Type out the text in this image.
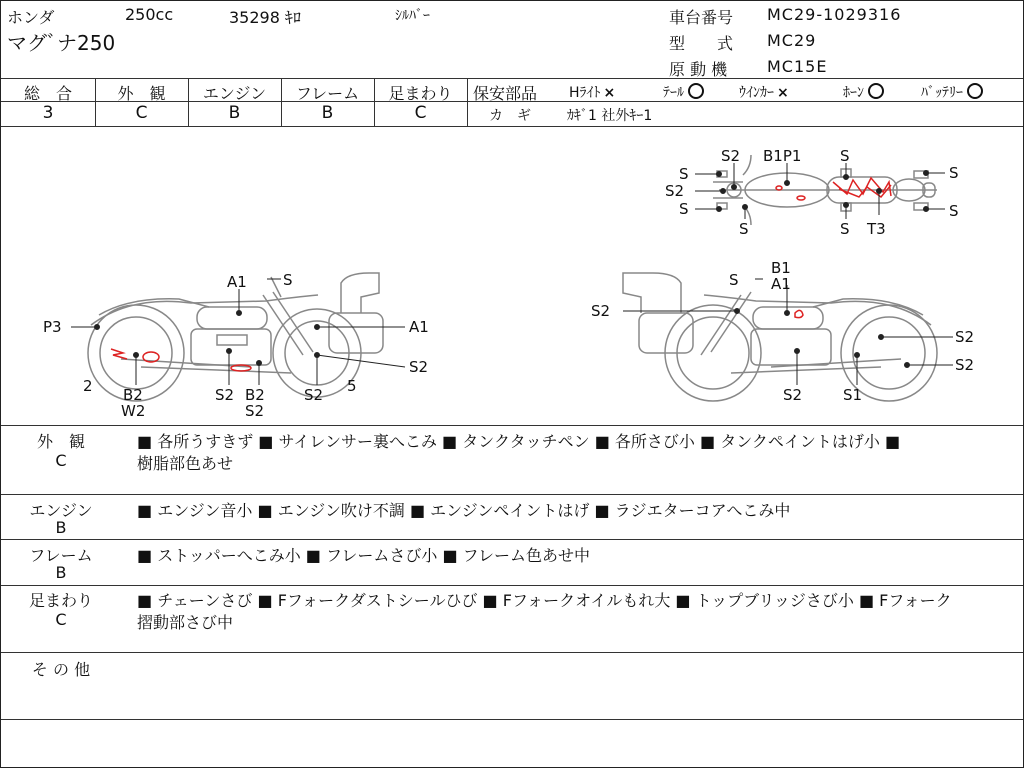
ホンダ	250cc	35298 ｷﾛ	ｼﾙﾊﾞｰ
マグﾞナ250
車台番号 MC29-1029316
型　　式 MC29
原 動 機 MC15E
総　合	外　観	エンジン	フレーム	足まわり
3	C	B	B	C
保安部品 Hﾗｲﾄ ×	ﾃｰﾙ	ｳｲﾝｶｰ ×	ﾎｰﾝ	ﾊﾞｯﾃﾘｰ
カ　ギ	ｶｷﾞ1 社外ｷｰ1
S2 B1P1	S
S
S2
S
S
S
S
T3
S
A1 S
P3	A1
S2
B2
W2
S2 B2
S2
S2
2	5
S
B1
A1
S2
S2
S2
S2	S1
外　観
C
■ 各所うすきず ■ サイレンサー裏へこみ ■ タンクタッチペン ■ 各所さび小 ■ タンクペイントはげ小 ■
樹脂部色あせ
エンジン
B
■ エンジン音小 ■ エンジン吹け不調 ■ エンジンペイントはげ ■ ラジエターコアへこみ中
フレーム
B
■ ストッパーへこみ小 ■ フレームさび小 ■ フレーム色あせ中
足まわり
C
■ チェーンさび ■ Fフォークダストシールひび ■ Fフォークオイルもれ大 ■ トップブリッジさび小 ■ Fフォーク
摺動部さび中
そ の 他
